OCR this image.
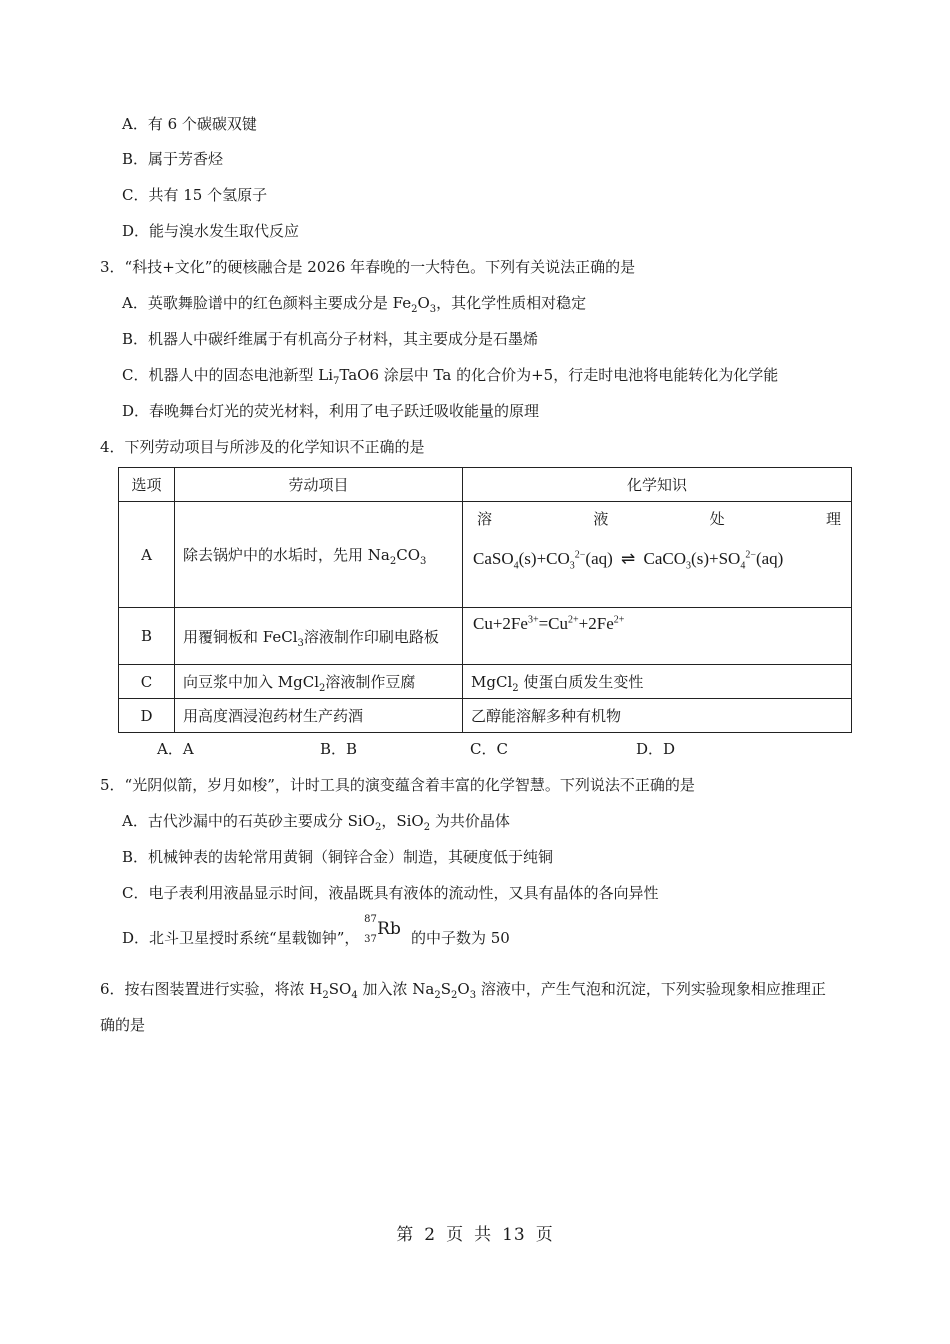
A．有 6 个碳碳双键
B．属于芳香烃
C．共有 15 个氢原子
D．能与溴水发生取代反应
3．“科技+文化”的硬核融合是 2026 年春晚的一大特色。下列有关说法正确的是
A．英歌舞脸谱中的红色颜料主要成分是 $Fe_2O_3$，其化学性质相对稳定
B．机器人中碳纤维属于有机高分子材料，其主要成分是石墨烯
C．机器人中的固态电池新型 $Li_7TaO6$ 涂层中 Ta 的化合价为+5，行走时电池将电能转化为化学能
D．春晚舞台灯光的荧光材料，利用了电子跃迁吸收能量的原理
4．下列劳动项目与所涉及的化学知识不正确的是
选项	劳动项目	化学知识
A	除去锅炉中的水垢时，先用 $Na_2CO_3$	溶 液 处 理
$CaSO_4(s)+CO_3^{2-}(aq)$ ⇌ $CaCO_3(s)+SO_4^{2-}(aq)$

B	用覆铜板和 FeCl$_3$溶液制作印刷电路板	$Cu+2Fe^{3+}=Cu^{2+}+2Fe^{2+}$

C	向豆浆中加入 MgCl$_2$溶液制作豆腐	MgCl$_2$ 使蛋白质发生变性
D	用高度酒浸泡药材生产药酒	乙醇能溶解多种有机物
A．A	B．B	C．C	D．D
5．“光阴似箭，岁月如梭”，计时工具的演变蕴含着丰富的化学智慧。下列说法不正确的是
A．古代沙漏中的石英砂主要成分 SiO$_2$，SiO$_2$ 为共价晶体
B．机械钟表的齿轮常用黄铜（铜锌合金）制造，其硬度低于纯铜
C．电子表利用液晶显示时间，液晶既具有液体的流动性，又具有晶体的各向异性
D．北斗卫星授时系统“星载铷钟”，
87
37
Rb 的中子数为 50
6．按右图装置进行实验，将浓 $H_2SO_4$ 加入浓 $Na_2S_2O_3$ 溶液中，产生气泡和沉淀，下列实验现象相应推理正
确的是
第 2 页 共 13 页
